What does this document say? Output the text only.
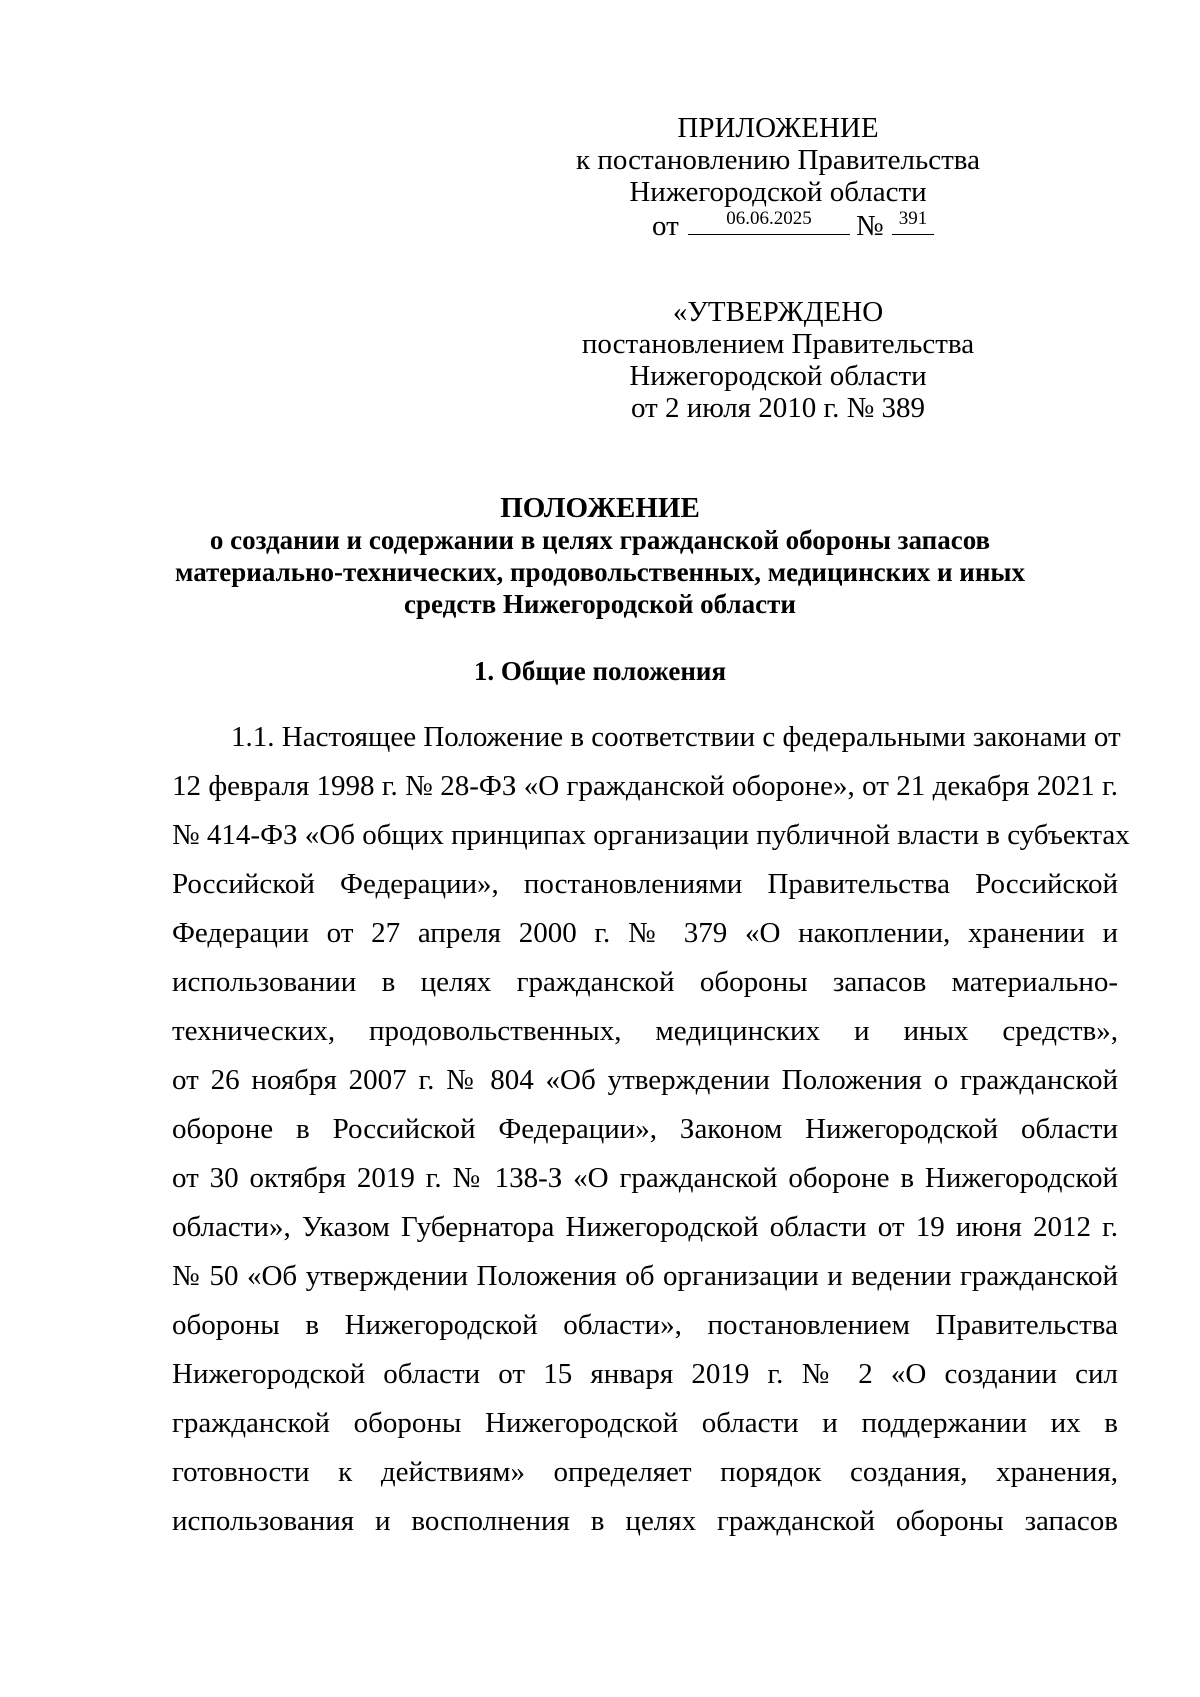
ПРИЛОЖЕНИЕ
к постановлению Правительства
Нижегородской области
от	06.06.2025	№ 391
«УТВЕРЖДЕНО
постановлением Правительства
Нижегородской области
от 2 июля 2010 г. № 389
ПОЛОЖЕНИЕ
о создании и содержании в целях гражданской обороны запасов
материально-технических, продовольственных, медицинских и иных
средств Нижегородской области
1. Общие положения
1.1. Настоящее Положение в соответствии с федеральными законами от
12 февраля 1998 г. № 28-ФЗ «О гражданской обороне», от 21 декабря 2021 г.
№ 414-ФЗ «Об общих принципах организации публичной власти в субъектах
Российской Федерации», постановлениями Правительства Российской
Федерации от 27 апреля 2000 г. № 379 «О накоплении, хранении и
использовании в целях гражданской обороны запасов материально-
технических, продовольственных, медицинских и иных средств»,
от 26 ноября 2007 г. № 804 «Об утверждении Положения о гражданской
обороне в Российской Федерации», Законом Нижегородской области
от 30 октября 2019 г. № 138-З «О гражданской обороне в Нижегородской
области», Указом Губернатора Нижегородской области от 19 июня 2012 г.
№ 50 «Об утверждении Положения об организации и ведении гражданской
обороны в Нижегородской области», постановлением Правительства
Нижегородской области от 15 января 2019 г. № 2 «О создании сил
гражданской обороны Нижегородской области и поддержании их в
готовности к действиям» определяет порядок создания, хранения,
использования и восполнения в целях гражданской обороны запасов
